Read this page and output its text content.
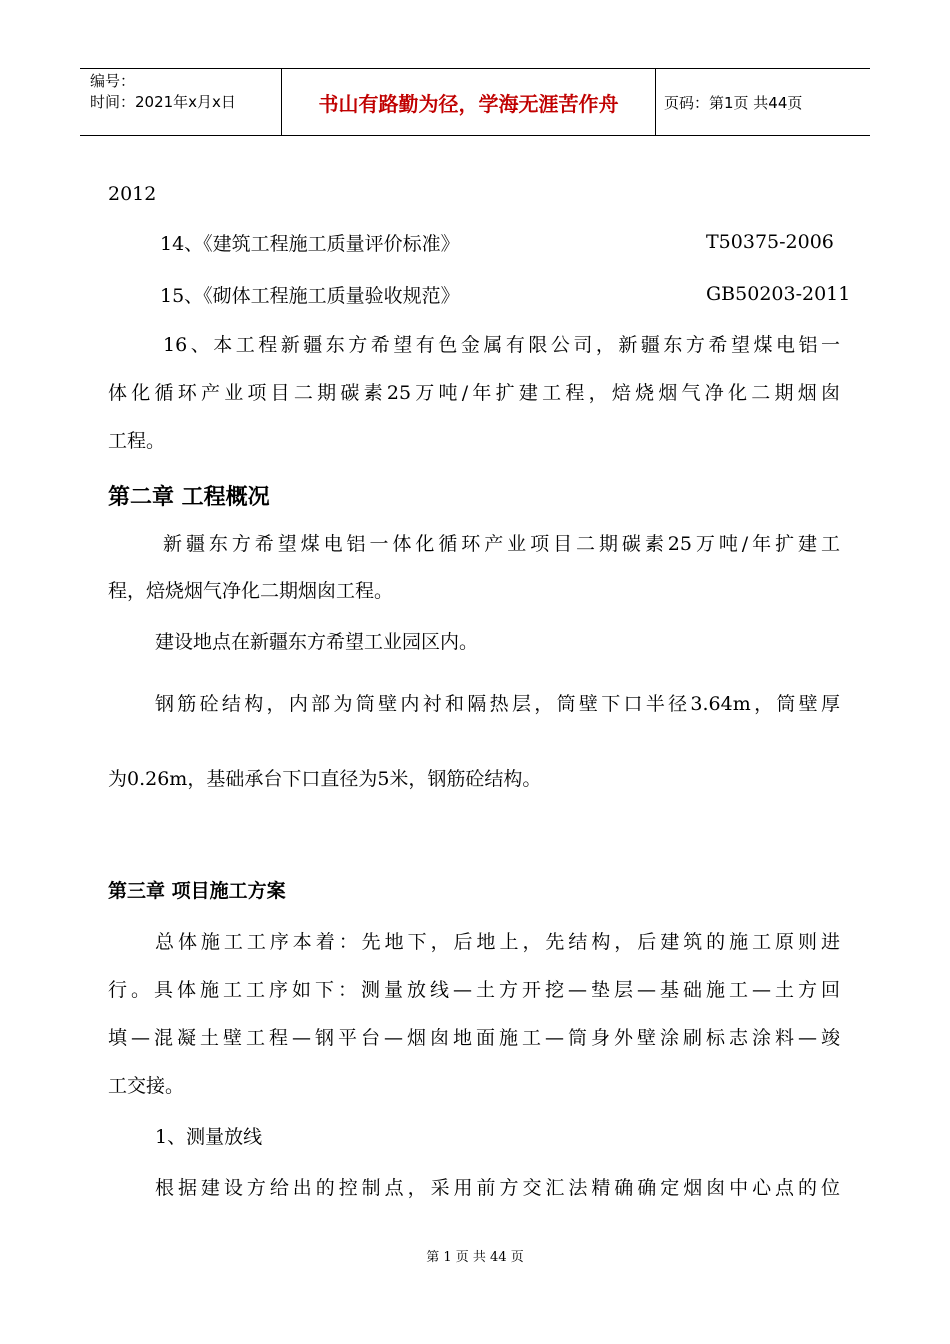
编号：
时间：2021年x月x日	书山有路勤为径，学海无涯苦作舟	页码：第1页 共44页
2012
14、《建筑工程施工质量评价标准》	T50375-2006
15、《砌体工程施工质量验收规范》	GB50203-2011
16、本工程新疆东方希望有色金属有限公司，新疆东方希望煤电铝一
体化循环产业项目二期碳素25万吨/年扩建工程，焙烧烟气净化二期烟囱
工程。
第二章 工程概况
新疆东方希望煤电铝一体化循环产业项目二期碳素25万吨/年扩建工
程，焙烧烟气净化二期烟囱工程。
建设地点在新疆东方希望工业园区内。
钢筋砼结构，内部为筒壁内衬和隔热层，筒壁下口半径3.64m，筒壁厚
为0.26m，基础承台下口直径为5米，钢筋砼结构。
第三章 项目施工方案
总体施工工序本着：先地下，后地上，先结构，后建筑的施工原则进
行。具体施工工序如下：测量放线—土方开挖—垫层—基础施工—土方回
填—混凝土壁工程—钢平台—烟囱地面施工—筒身外壁涂刷标志涂料—竣
工交接。
1、测量放线
根据建设方给出的控制点，采用前方交汇法精确确定烟囱中心点的位
第 1 页 共 44 页
